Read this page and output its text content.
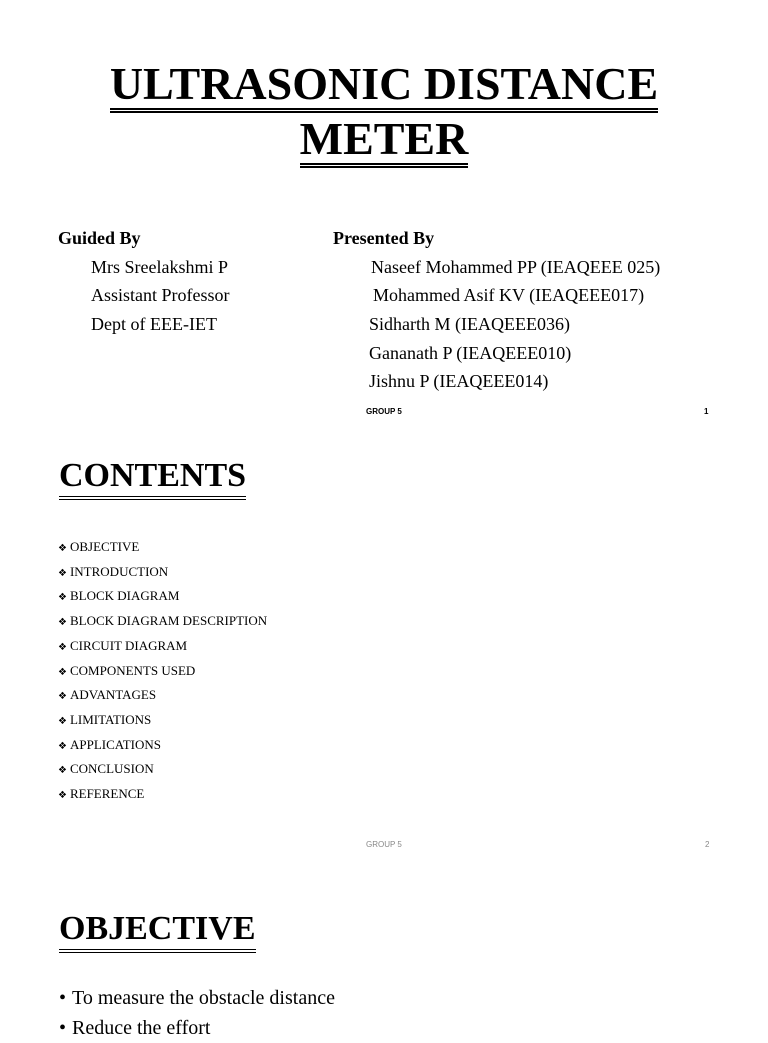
ULTRASONIC DISTANCE
METER
Guided By
Mrs Sreelakshmi P
Assistant Professor
Dept of EEE-IET
Presented By
Naseef Mohammed PP (IEAQEEE 025)
Mohammed Asif KV (IEAQEEE017)
Sidharth M (IEAQEEE036)
Gananath P (IEAQEEE010)
Jishnu P (IEAQEEE014)
GROUP 5	1
CONTENTS
❖ OBJECTIVE
❖ INTRODUCTION
❖ BLOCK DIAGRAM
❖ BLOCK DIAGRAM DESCRIPTION
❖ CIRCUIT DIAGRAM
❖ COMPONENTS USED
❖ ADVANTAGES
❖ LIMITATIONS
❖ APPLICATIONS
❖ CONCLUSION
❖ REFERENCE
GROUP 5	2
OBJECTIVE
• To measure the obstacle distance
• Reduce the effort
